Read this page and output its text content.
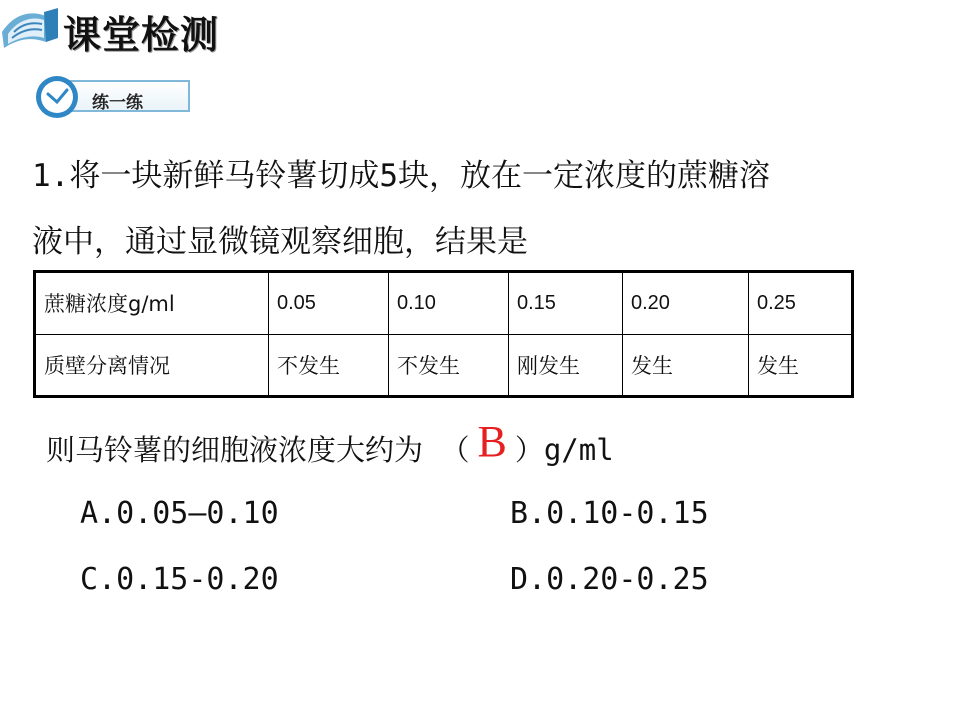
课堂检测
练一练
1.将一块新鲜马铃薯切成5块，放在一定浓度的蔗糖溶
液中，通过显微镜观察细胞，结果是
蔗糖浓度g/ml	0.05	0.10	0.15	0.20	0.25
质壁分离情况	不发生	不发生	刚发生	发生	发生
则马铃薯的细胞液浓度大约为 （ B ）g/ml
A.0.05—0.10	B.0.10-0.15
C.0.15-0.20	D.0.20-0.25
